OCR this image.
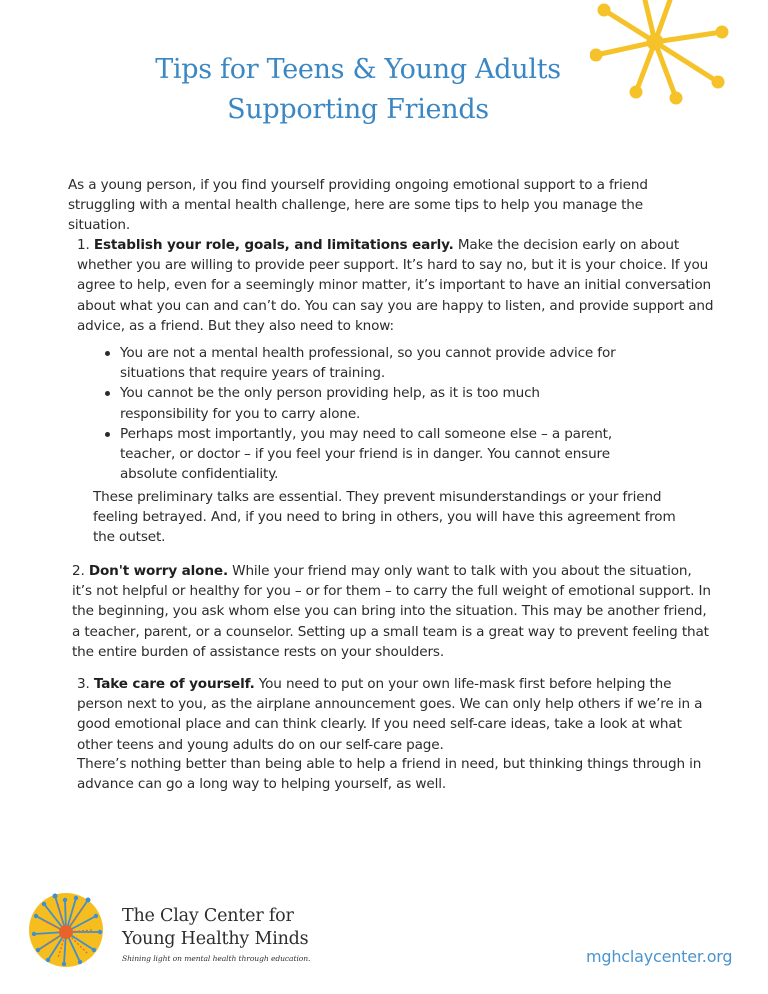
Tips for Teens & Young Adults
Supporting Friends

As a young person, if you find yourself providing ongoing emotional support to a friend struggling with a mental health challenge, here are some tips to help you manage the situation.

1. Establish your role, goals, and limitations early. Make the decision early on about whether you are willing to provide peer support. It’s hard to say no, but it is your choice. If you agree to help, even for a seemingly minor matter, it’s important to have an initial conversation about what you can and can’t do. You can say you are happy to listen, and provide support and advice, as a friend. But they also need to know:

You are not a mental health professional, so you cannot provide advice for situations that require years of training.
You cannot be the only person providing help, as it is too much responsibility for you to carry alone.
Perhaps most importantly, you may need to call someone else – a parent, teacher, or doctor – if you feel your friend is in danger. You cannot ensure absolute confidentiality.

These preliminary talks are essential. They prevent misunderstandings or your friend feeling betrayed. And, if you need to bring in others, you will have this agreement from the outset.

2. Don't worry alone. While your friend may only want to talk with you about the situation, it’s not helpful or healthy for you – or for them – to carry the full weight of emotional support. In the beginning, you ask whom else you can bring into the situation. This may be another friend, a teacher, parent, or a counselor. Setting up a small team is a great way to prevent feeling that the entire burden of assistance rests on your shoulders.

3. Take care of yourself. You need to put on your own life-mask first before helping the person next to you, as the airplane announcement goes. We can only help others if we’re in a good emotional place and can think clearly. If you need self-care ideas, take a look at what other teens and young adults do on our self-care page.

There’s nothing better than being able to help a friend in need, but thinking things through in advance can go a long way to helping yourself, as well.

The Clay Center for
Young Healthy Minds
Shining light on mental health through education.	mghclaycenter.org
